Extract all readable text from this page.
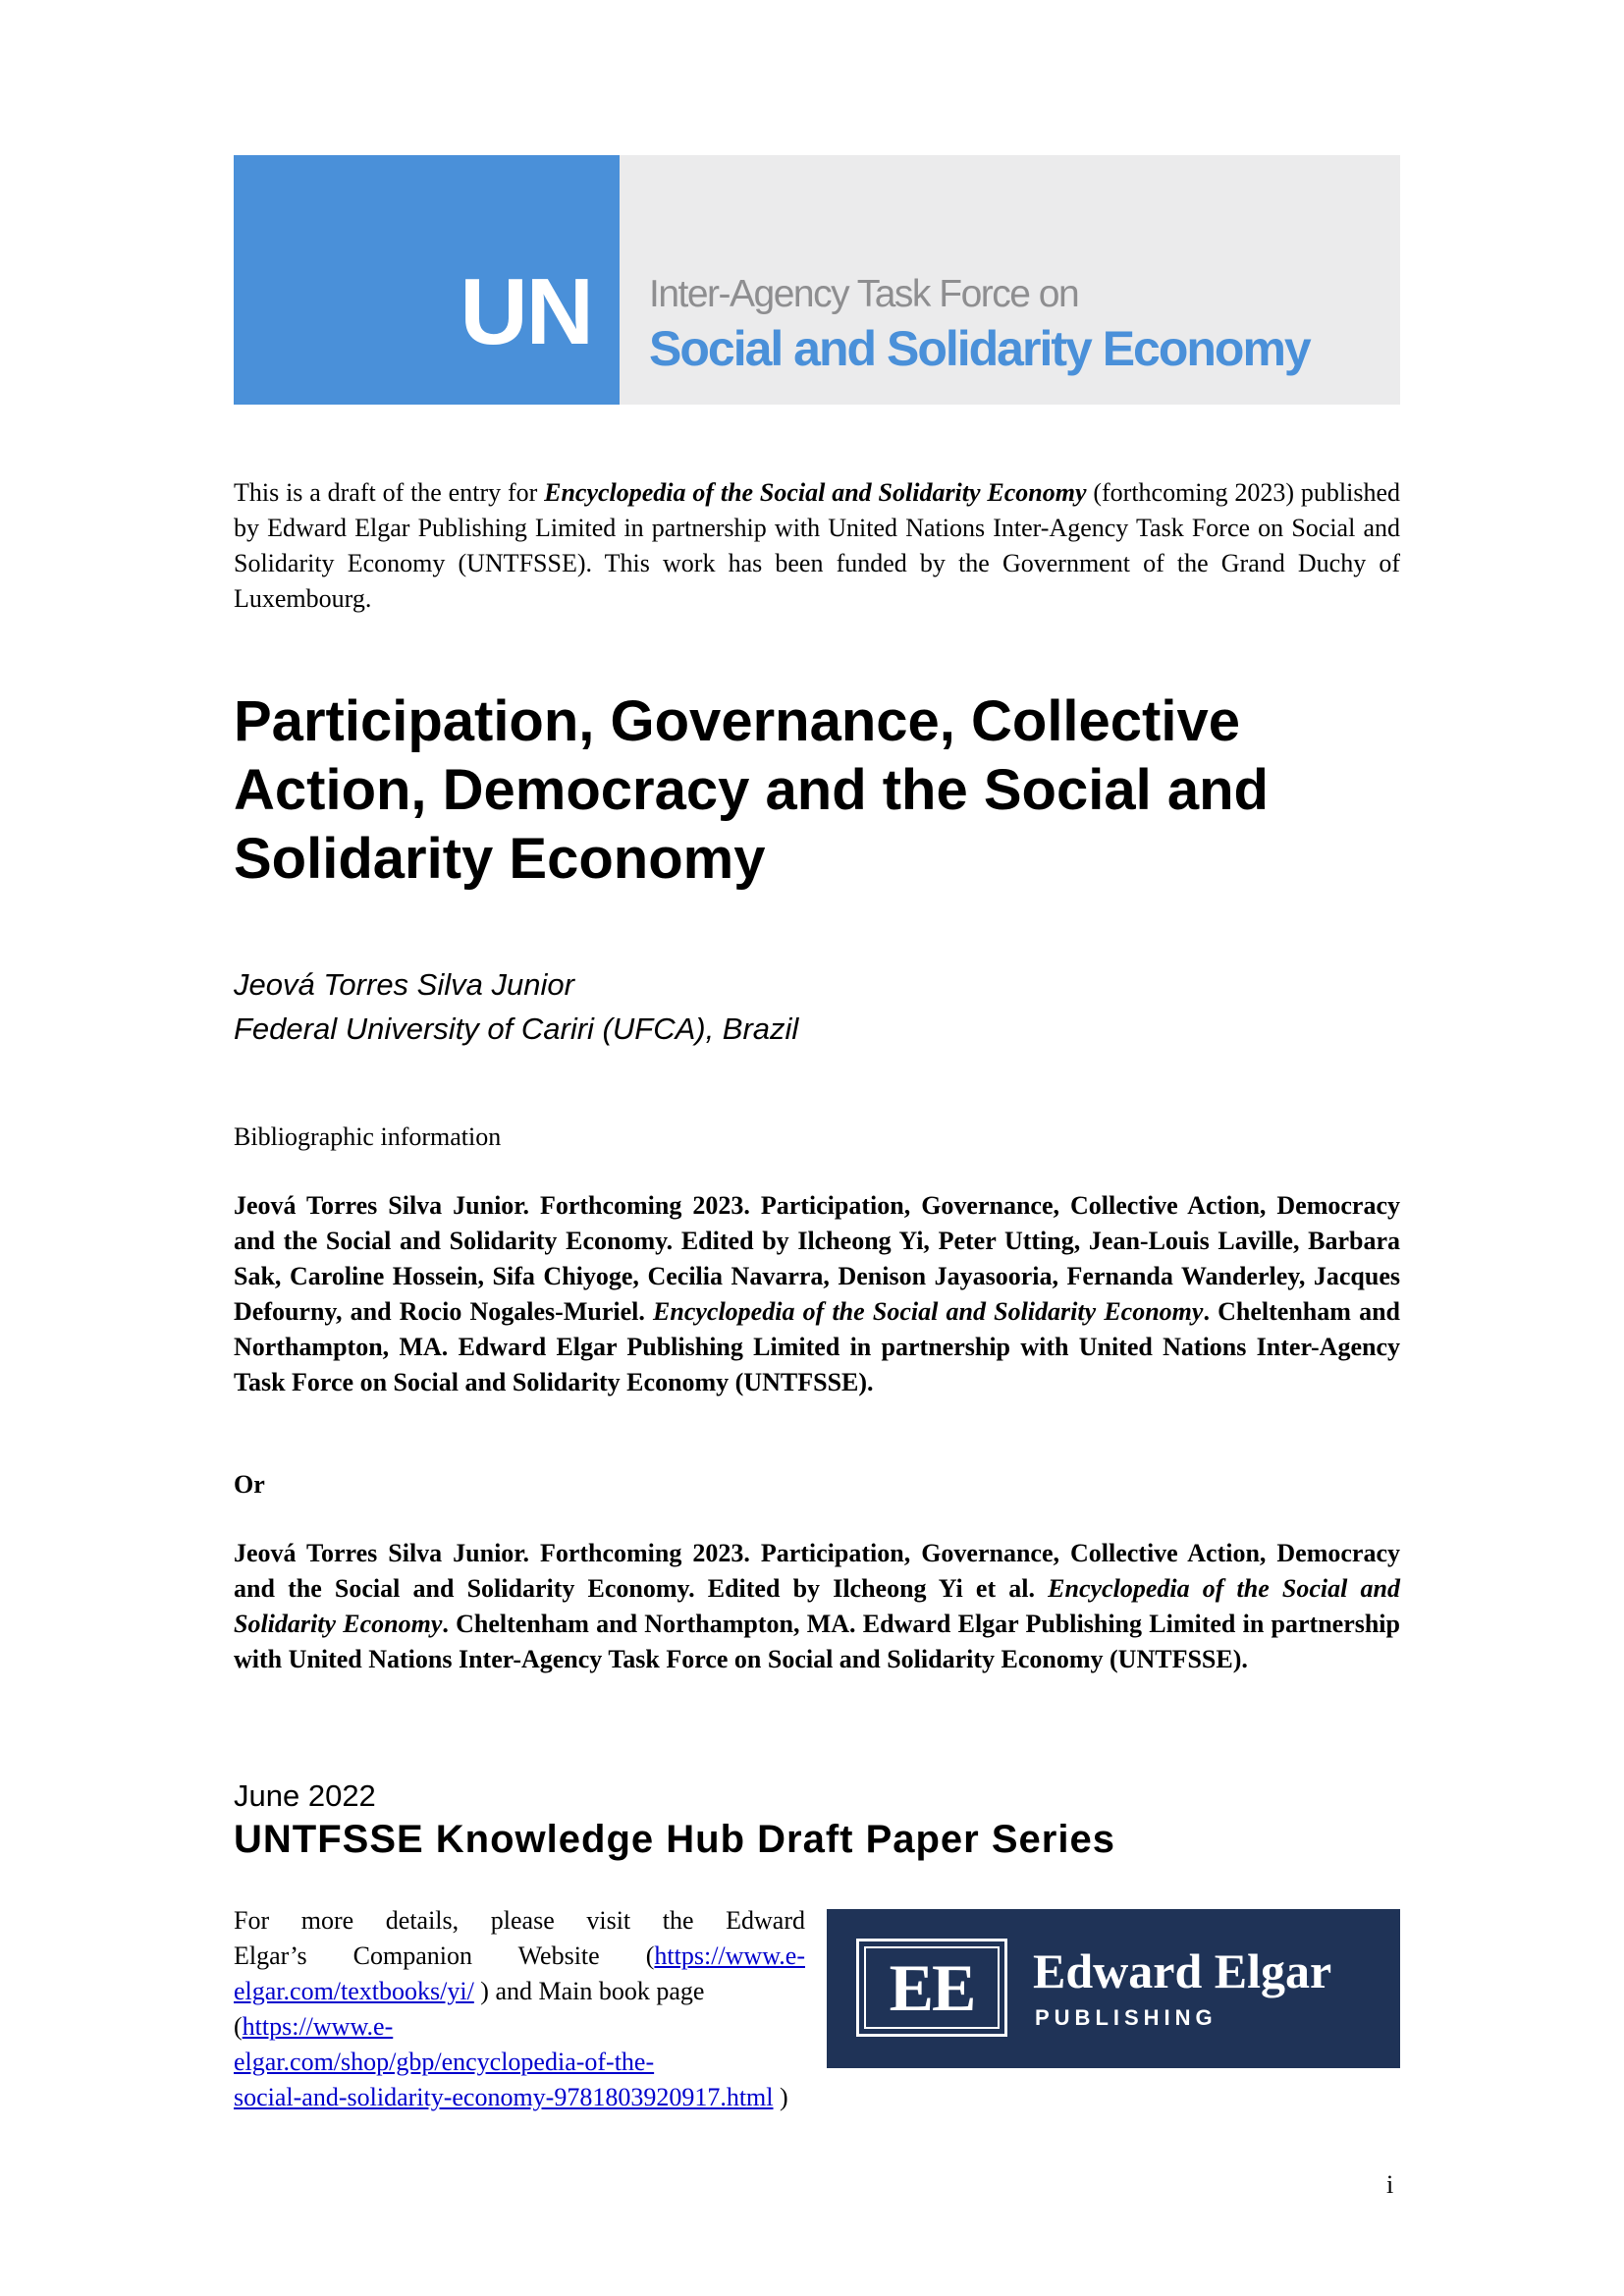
UN Inter-Agency Task Force on
Social and Solidarity Economy
This is a draft of the entry for Encyclopedia of the Social and Solidarity Economy (forthcoming 2023) published by Edward Elgar Publishing Limited in partnership with United Nations Inter-Agency Task Force on Social and Solidarity Economy (UNTFSSE). This work has been funded by the Government of the Grand Duchy of Luxembourg.
Participation, Governance, Collective Action, Democracy and the Social and Solidarity Economy
Jeová Torres Silva Junior
Federal University of Cariri (UFCA), Brazil
Bibliographic information
Jeová Torres Silva Junior. Forthcoming 2023. Participation, Governance, Collective Action, Democracy and the Social and Solidarity Economy. Edited by Ilcheong Yi, Peter Utting, Jean-Louis Laville, Barbara Sak, Caroline Hossein, Sifa Chiyoge, Cecilia Navarra, Denison Jayasooria, Fernanda Wanderley, Jacques Defourny, and Rocio Nogales-Muriel. Encyclopedia of the Social and Solidarity Economy. Cheltenham and Northampton, MA. Edward Elgar Publishing Limited in partnership with United Nations Inter-Agency Task Force on Social and Solidarity Economy (UNTFSSE).
Or
Jeová Torres Silva Junior. Forthcoming 2023. Participation, Governance, Collective Action, Democracy and the Social and Solidarity Economy. Edited by Ilcheong Yi et al. Encyclopedia of the Social and Solidarity Economy. Cheltenham and Northampton, MA. Edward Elgar Publishing Limited in partnership with United Nations Inter-Agency Task Force on Social and Solidarity Economy (UNTFSSE).
June 2022
UNTFSSE Knowledge Hub Draft Paper Series
For more details, please visit the Edward
Elgar’s Companion Website (https://www.e-
elgar.com/textbooks/yi/ ) and Main book page
(https://www.e-
elgar.com/shop/gbp/encyclopedia-of-the-
social-and-solidarity-economy-9781803920917.html )
EE	Edward Elgar
PUBLISHING
i
